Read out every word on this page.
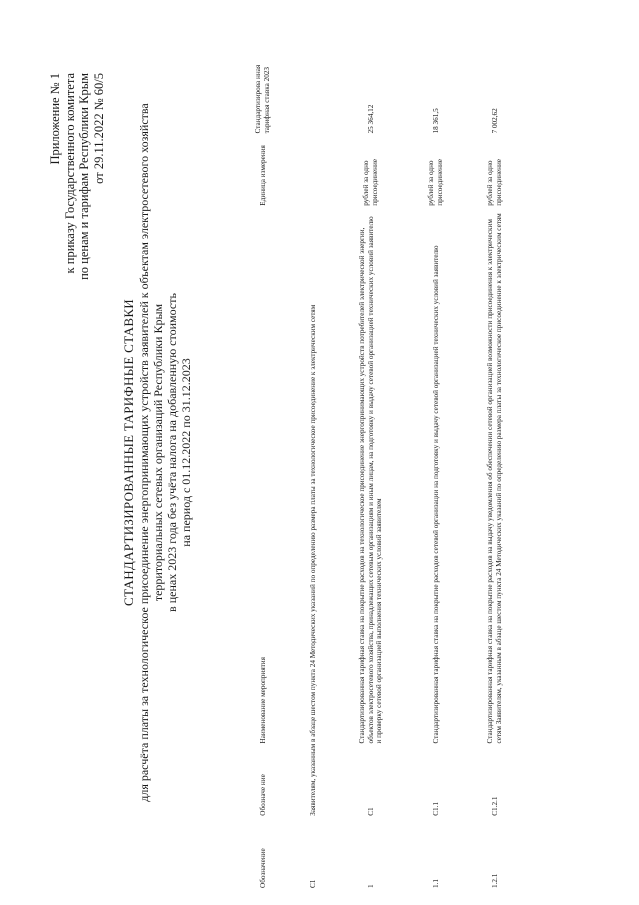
Приложение № 1 к приказу Государственного комитета по ценам и тарифам Республики Крым от 29.11.2022 № 60/5
СТАНДАРТИЗИРОВАННЫЕ ТАРИФНЫЕ СТАВКИ для расчёта платы за технологическое присоединение энергопринимающих устройств заявителей к объектам электросетевого хозяйства территориальных сетевых организаций Республики Крым в ценах 2023 года без учёта налога на добавленную стоимость на период с 01.12.2022 по 31.12.2023
Обозначение	Обозначе ние	Наименование мероприятия	Единица измерения	Стандартизирова нная тарифная ставка 2023
С1	Заявителям, указанным в абзаце шестом пункта 24 Методических указаний по определению размера платы за технологическое присоединение к электрическим сетям			
1	С1	Стандартизированная тарифная ставка на покрытие расходов на технологическое присоединение энергопринимающих устройств потребителей электрической энергии, объектов электросетевого хозяйства, принадлежащих сетевым организациям и иным лицам, на подготовку и выдачу сетевой организацией технических условий заявителю и проверку сетевой организацией выполнения технических условий заявителем	рублей за одно присоединение	25 364,12
1.1	С1.1	Стандартизированная тарифная ставка на покрытие расходов сетевой организации на подготовку и выдачу сетевой организацией технических условий заявителю	рублей за одно присоединение	18 361,5
1.2.1	С1.2.1	Стандартизированная тарифная ставка на покрытие расходов на выдачу уведомления об обеспечении сетевой организацией возможности присоединения к электрическим сетям Заявителям, указанным в абзаце шестом пункта 24 Методических указаний по определению размера платы за технологическое присоединение к электрическим сетям	рублей за одно присоединение	7 002,62
